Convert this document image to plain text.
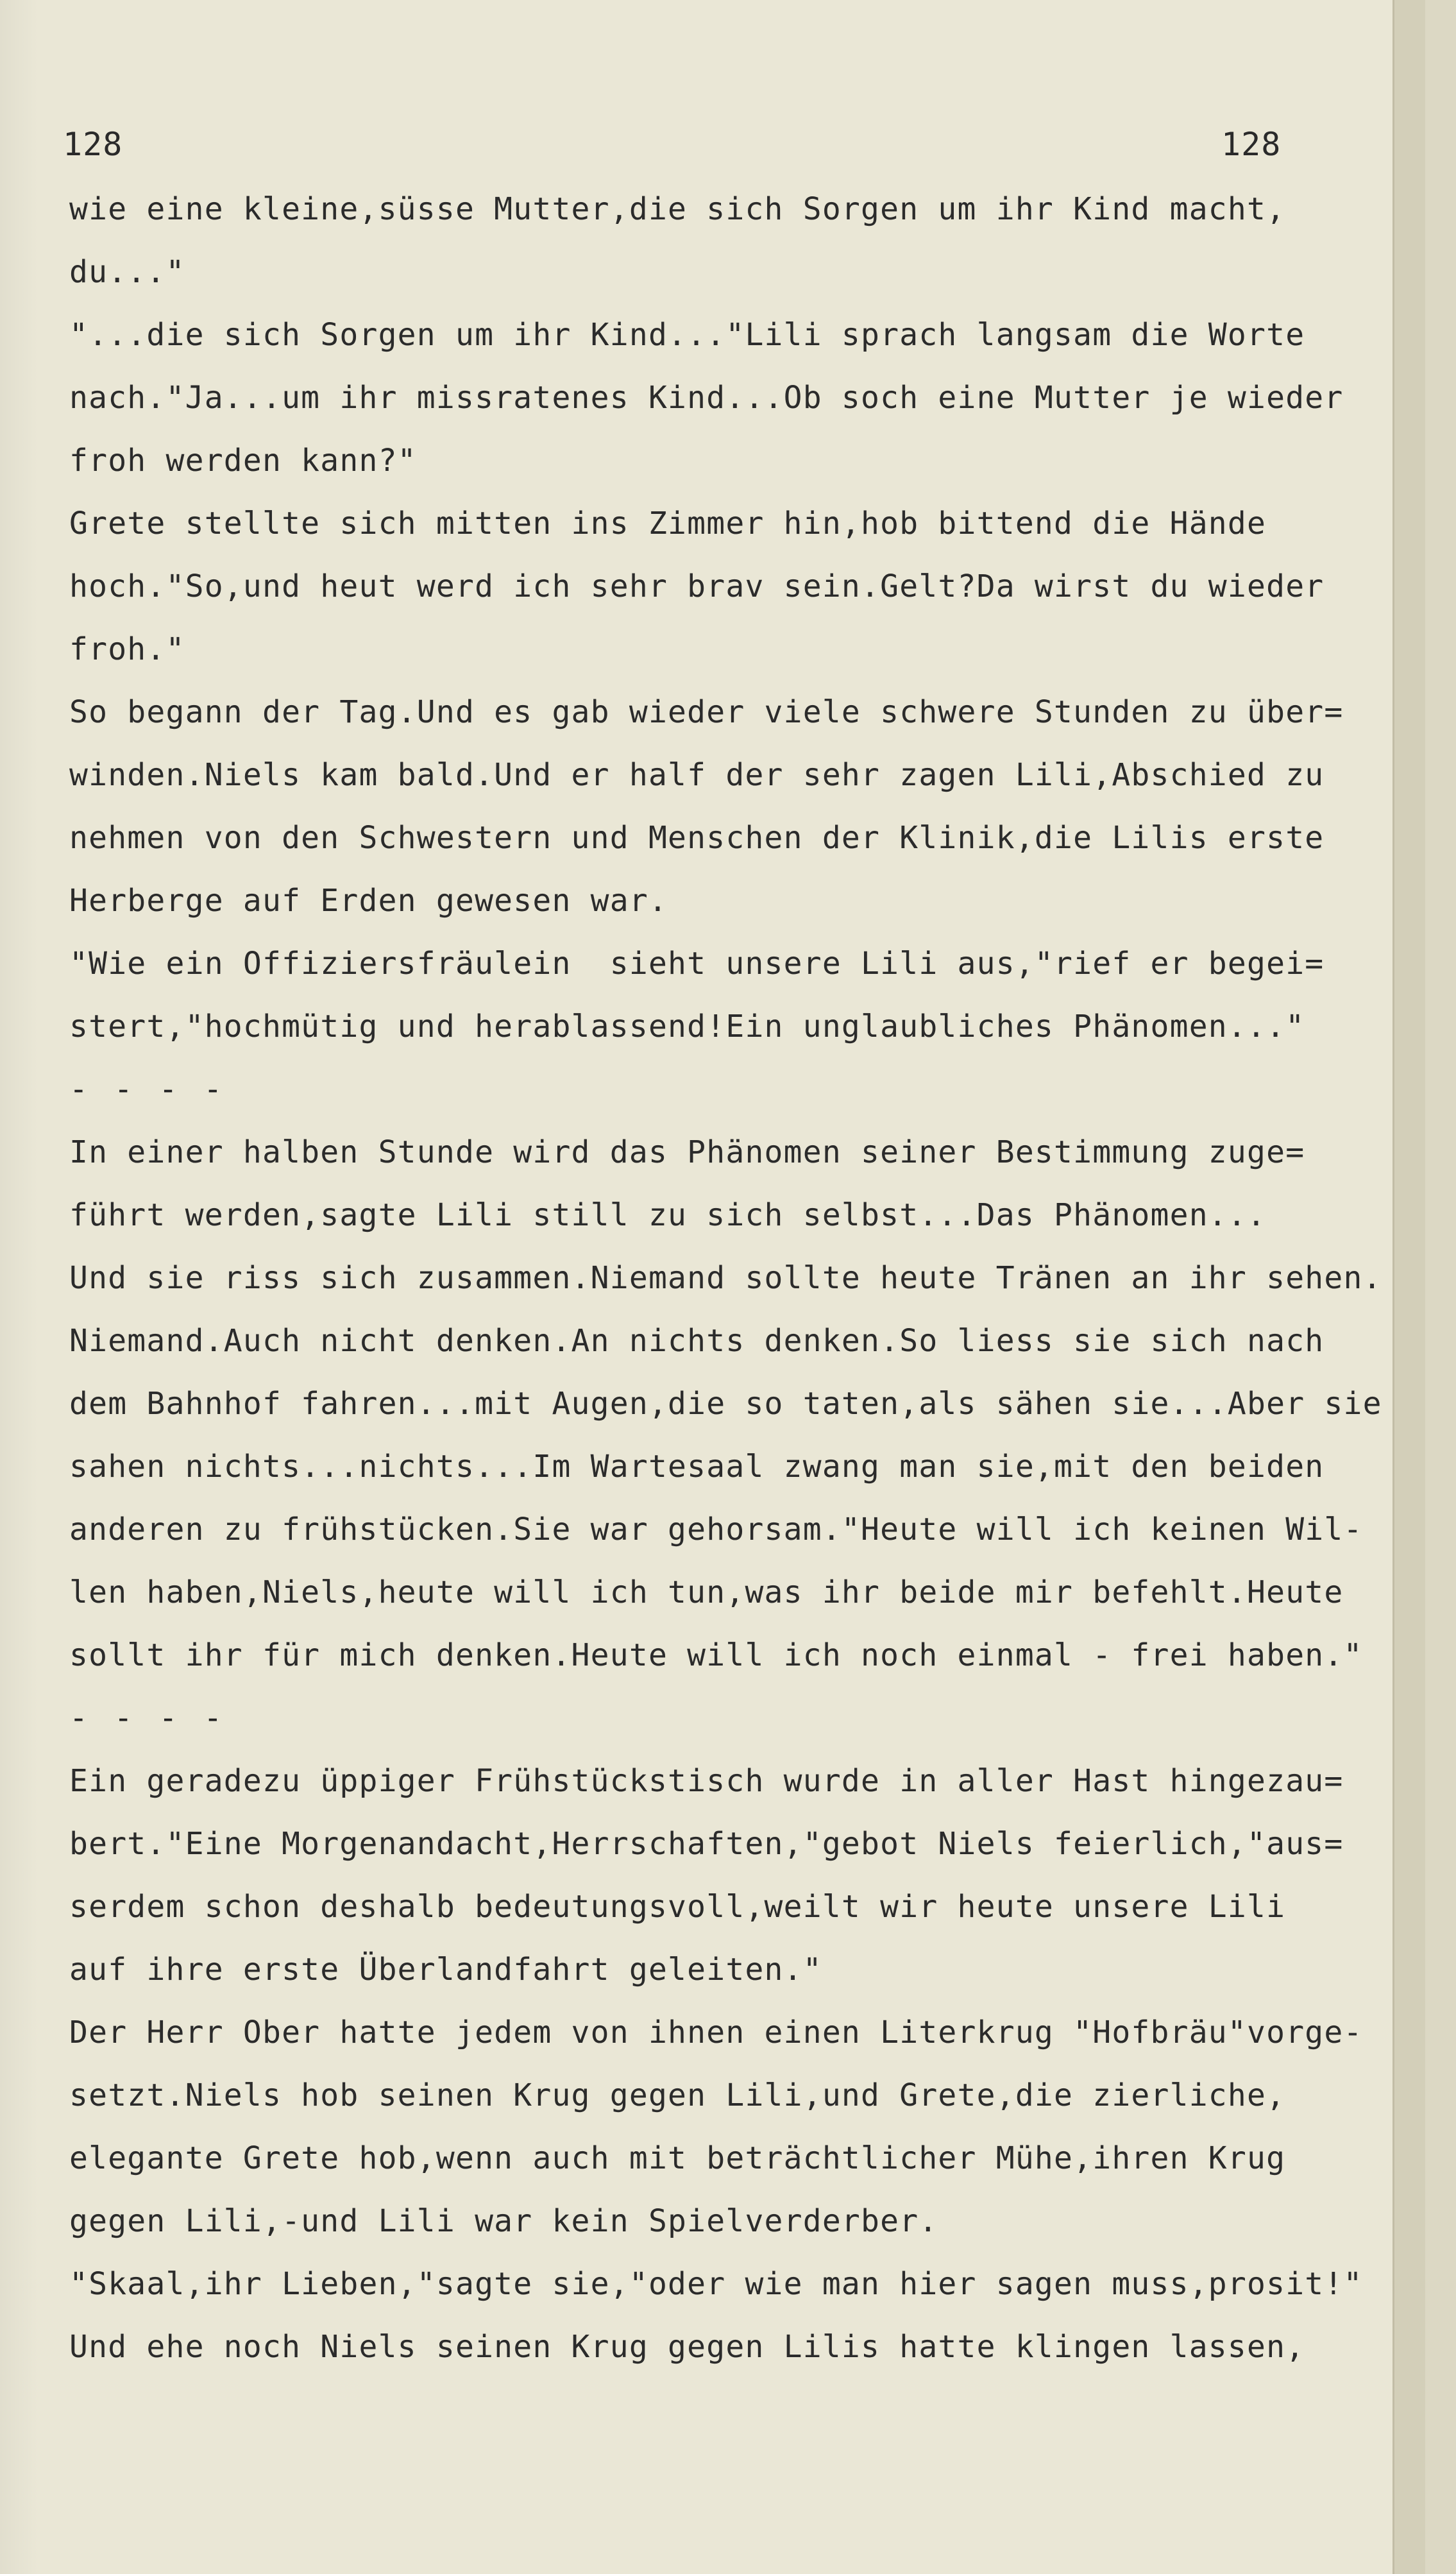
128	128
wie eine kleine,süsse Mutter,die sich Sorgen um ihr Kind macht,
du..."
"...die sich Sorgen um ihr Kind..."Lili sprach langsam die Worte
nach."Ja...um ihr missratenes Kind...Ob soch eine Mutter je wieder
froh werden kann?"
Grete stellte sich mitten ins Zimmer hin,hob bittend die Hände
hoch."So,und heut werd ich sehr brav sein.Gelt?Da wirst du wieder
froh."
So begann der Tag.Und es gab wieder viele schwere Stunden zu über=
winden.Niels kam bald.Und er half der sehr zagen Lili,Abschied zu
nehmen von den Schwestern und Menschen der Klinik,die Lilis erste
Herberge auf Erden gewesen war.
"Wie ein Offiziersfräulein  sieht unsere Lili aus,"rief er begei=
stert,"hochmütig und herablassend!Ein unglaubliches Phänomen..."
- - - -
In einer halben Stunde wird das Phänomen seiner Bestimmung zuge=
führt werden,sagte Lili still zu sich selbst...Das Phänomen...
Und sie riss sich zusammen.Niemand sollte heute Tränen an ihr sehen.
Niemand.Auch nicht denken.An nichts denken.So liess sie sich nach
dem Bahnhof fahren...mit Augen,die so taten,als sähen sie...Aber sie
sahen nichts...nichts...Im Wartesaal zwang man sie,mit den beiden
anderen zu frühstücken.Sie war gehorsam."Heute will ich keinen Wil-
len haben,Niels,heute will ich tun,was ihr beide mir befehlt.Heute
sollt ihr für mich denken.Heute will ich noch einmal - frei haben."
- - - -
Ein geradezu üppiger Frühstückstisch wurde in aller Hast hingezau=
bert."Eine Morgenandacht,Herrschaften,"gebot Niels feierlich,"aus=
serdem schon deshalb bedeutungsvoll,weilt wir heute unsere Lili
auf ihre erste Überlandfahrt geleiten."
Der Herr Ober hatte jedem von ihnen einen Literkrug "Hofbräu"vorge-
setzt.Niels hob seinen Krug gegen Lili,und Grete,die zierliche,
elegante Grete hob,wenn auch mit beträchtlicher Mühe,ihren Krug
gegen Lili,-und Lili war kein Spielverderber.
"Skaal,ihr Lieben,"sagte sie,"oder wie man hier sagen muss,prosit!"
Und ehe noch Niels seinen Krug gegen Lilis hatte klingen lassen,
